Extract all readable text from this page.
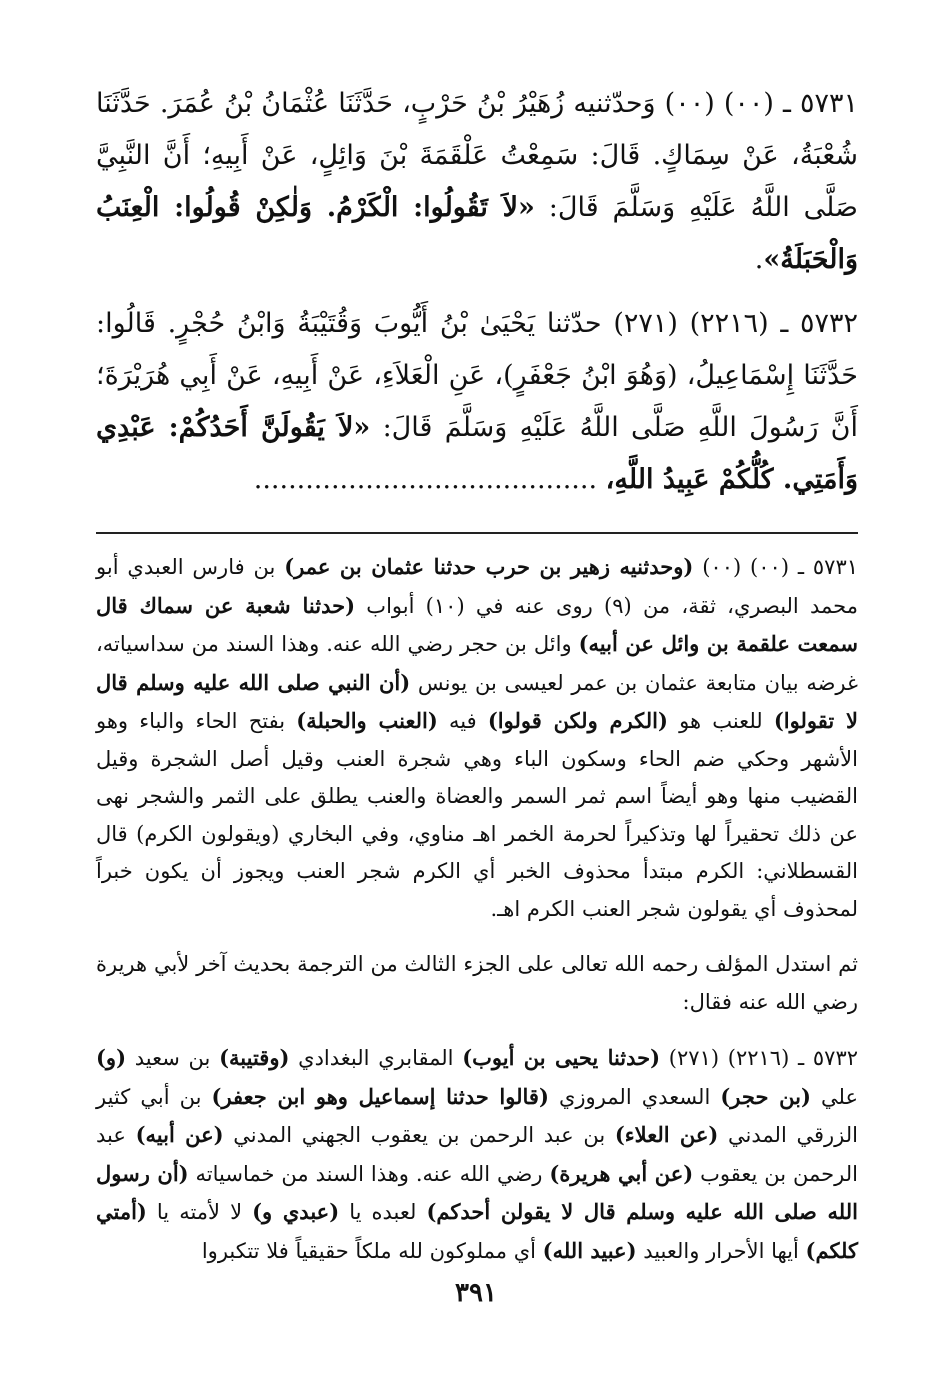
٥٧٣١ ـ (٠٠) (٠٠) وَحدّثنيه زُهَيْرُ بْنُ حَرْبٍ، حَدَّثَنَا عُثْمَانُ بْنُ عُمَرَ. حَدَّثَنَا شُعْبَةُ، عَنْ سِمَاكٍ. قَالَ: سَمِعْتُ عَلْقَمَةَ بْنَ وَائِلٍ، عَنْ أَبِيهِ؛ أَنَّ النَّبِيَّ صَلَّى اللَّهُ عَلَيْهِ وَسَلَّمَ قَالَ: «لاَ تَقُولُوا: الْكَرْمُ. وَلٰكِنْ قُولُوا: الْعِنَبُ وَالْحَبَلَةُ».

٥٧٣٢ ـ (٢٢١٦) (٢٧١) حدّثنا يَحْيَىٰ بْنُ أَيُّوبَ وَقُتَيْبَةُ وَابْنُ حُجْرٍ. قَالُوا: حَدَّثَنَا إِسْمَاعِيلُ، (وَهُوَ ابْنُ جَعْفَرٍ)، عَنِ الْعَلاَءِ، عَنْ أَبِيهِ، عَنْ أَبِي هُرَيْرَةَ؛ أَنَّ رَسُولَ اللَّهِ صَلَّى اللَّهُ عَلَيْهِ وَسَلَّمَ قَالَ: «لاَ يَقُولَنَّ أَحَدُكُمْ: عَبْدِي وَأَمَتِي. كُلُّكُمْ عَبِيدُ اللَّهِ، ........................................

٥٧٣١ ـ (٠٠) (٠٠) (وحدثنيه زهير بن حرب حدثنا عثمان بن عمر) بن فارس العبدي أبو محمد البصري، ثقة، من (٩) روى عنه في (١٠) أبواب (حدثنا شعبة عن سماك قال سمعت علقمة بن وائل عن أبيه) وائل بن حجر رضي الله عنه. وهذا السند من سداسياته، غرضه بيان متابعة عثمان بن عمر لعيسى بن يونس (أن النبي صلى الله عليه وسلم قال لا تقولوا) للعنب هو (الكرم ولكن قولوا) فيه (العنب والحبلة) بفتح الحاء والباء وهو الأشهر وحكي ضم الحاء وسكون الباء وهي شجرة العنب وقيل أصل الشجرة وقيل القضيب منها وهو أيضاً اسم ثمر السمر والعضاة والعنب يطلق على الثمر والشجر نهى عن ذلك تحقيراً لها وتذكيراً لحرمة الخمر اهـ مناوي، وفي البخاري (ويقولون الكرم) قال القسطلاني: الكرم مبتدأ محذوف الخبر أي الكرم شجر العنب ويجوز أن يكون خبراً لمحذوف أي يقولون شجر العنب الكرم اهـ.

ثم استدل المؤلف رحمه الله تعالى على الجزء الثالث من الترجمة بحديث آخر لأبي هريرة رضي الله عنه فقال:

٥٧٣٢ ـ (٢٢١٦) (٢٧١) (حدثنا يحيى بن أيوب) المقابري البغدادي (وقتيبة) بن سعيد (و) علي (بن حجر) السعدي المروزي (قالوا حدثنا إسماعيل وهو ابن جعفر) بن أبي كثير الزرقي المدني (عن العلاء) بن عبد الرحمن بن يعقوب الجهني المدني (عن أبيه) عبد الرحمن بن يعقوب (عن أبي هريرة) رضي الله عنه. وهذا السند من خماسياته (أن رسول الله صلى الله عليه وسلم قال لا يقولن أحدكم) لعبده يا (عبدي و) لا لأمته يا (أمتي كلكم) أيها الأحرار والعبيد (عبيد الله) أي مملوكون لله ملكاً حقيقياً فلا تتكبروا

٣٩١
